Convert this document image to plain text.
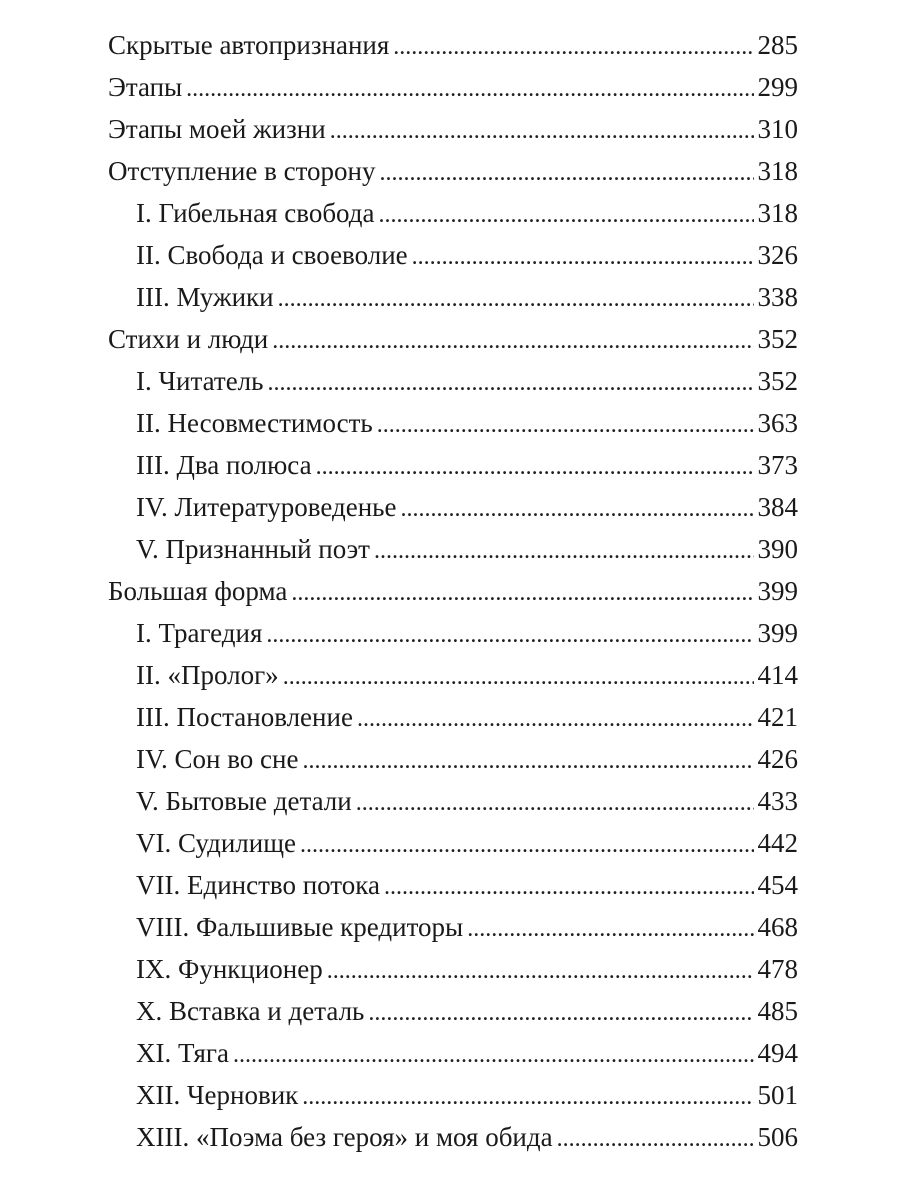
Скрытые автопризнания . . .	285
Этапы . . .	299
Этапы моей жизни . . .	310
Отступление в сторону . . .	318
I. Гибельная свобода . . .	318
II. Свобода и своеволие . . .	326
III. Мужики . . .	338
Стихи и люди . . .	352
I. Читатель . . .	352
II. Несовместимость . . .	363
III. Два полюса . . .	373
IV. Литературоведенье . . .	384
V. Признанный поэт . . .	390
Большая форма . . .	399
I. Трагедия . . .	399
II. «Пролог» . . .	414
III. Постановление . . .	421
IV. Сон во сне . . .	426
V. Бытовые детали . . .	433
VI. Судилище . . .	442
VII. Единство потока . . .	454
VIII. Фальшивые кредиторы . . .	468
IX. Функционер . . .	478
X. Вставка и деталь . . .	485
XI. Тяга . . .	494
XII. Черновик . . .	501
XIII. «Поэма без героя» и моя обида . . .	506
